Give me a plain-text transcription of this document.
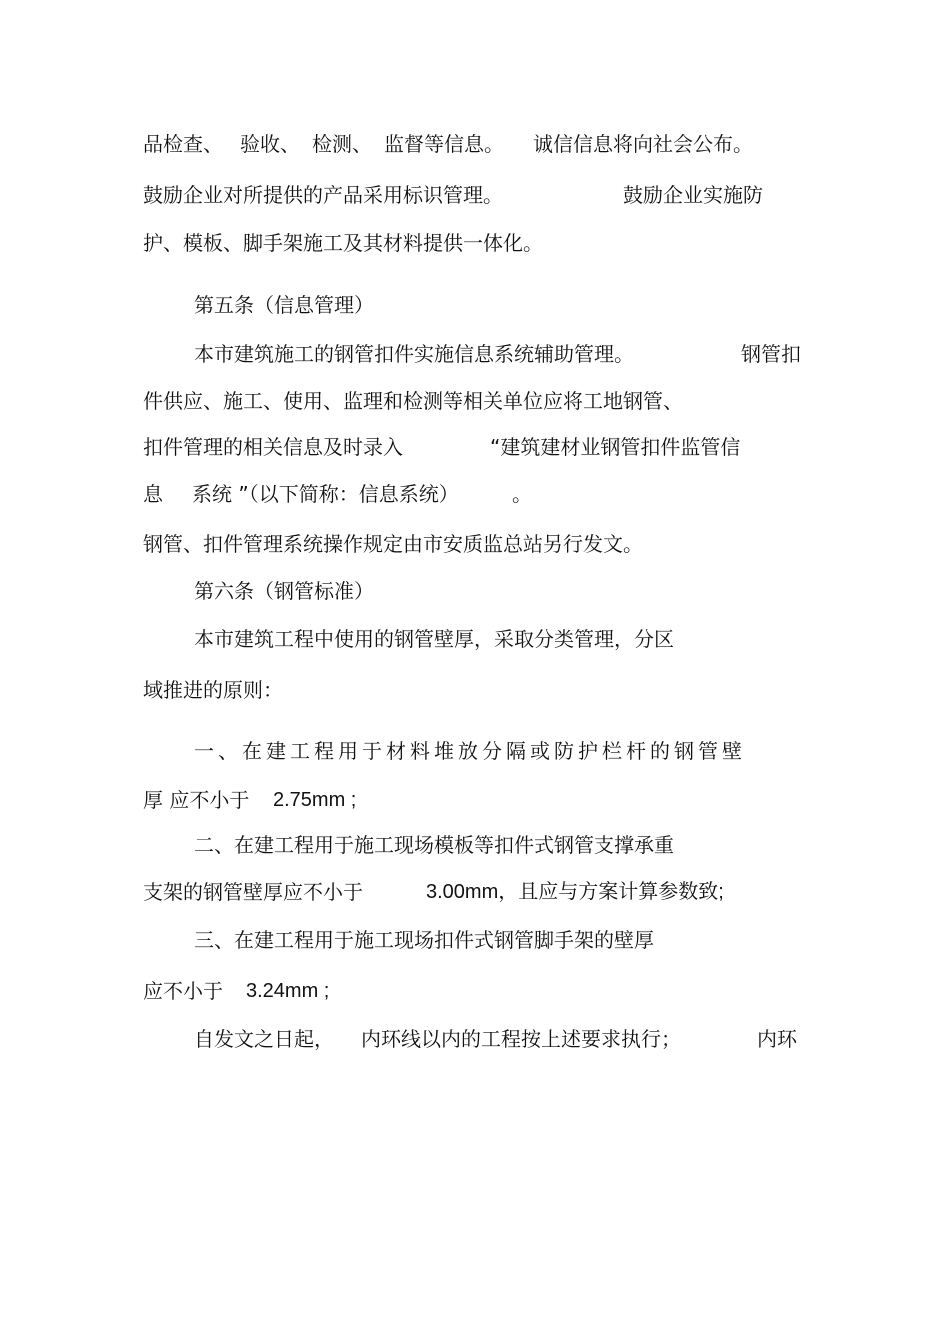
品检查、 验收、 检测、 监督等信息。 诚信信息将向社会公布。
鼓励企业对所提供的产品采用标识管理。	鼓励企业实施防
护、模板、脚手架施工及其材料提供一体化。
第五条（信息管理）
本市建筑施工的钢管扣件实施信息系统辅助管理。	钢管扣
件供应、施工、使用、监理和检测等相关单位应将工地钢管、
扣件管理的相关信息及时录入	“建筑建材业钢管扣件监管信
息 系统 ”（以下简称：信息系统）	。
钢管、扣件管理系统操作规定由市安质监总站另行发文。
第六条（钢管标准）
本市建筑工程中使用的钢管壁厚，采取分类管理，分区
域推进的原则：
一、在建工程用于材料堆放分隔或防护栏杆的钢管壁
厚 应不小于 2.75mm ;
二、在建工程用于施工现场模板等扣件式钢管支撑承重
支架的钢管壁厚应不小于	3.00mm，且应与方案计算参数致;
三、在建工程用于施工现场扣件式钢管脚手架的壁厚
应不小于 3.24mm ;
自发文之日起， 内环线以内的工程按上述要求执行；	内环
